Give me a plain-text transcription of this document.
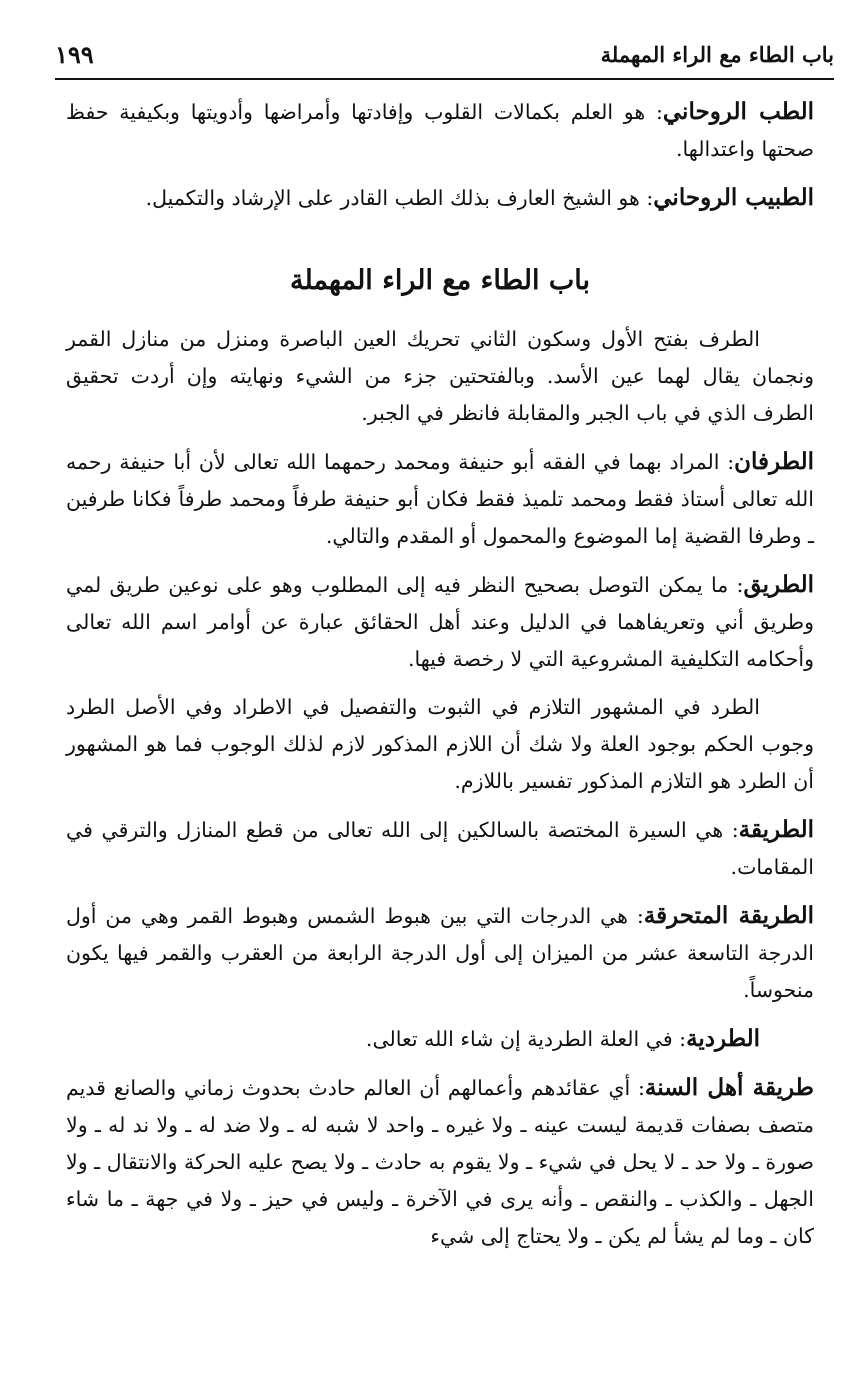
باب الطاء مع الراء المهملة
١٩٩

الطب الروحاني: هو العلم بكمالات القلوب وإفادتها وأمراضها وأدويتها وبكيفية حفظ صحتها واعتدالها.

الطبيب الروحاني: هو الشيخ العارف بذلك الطب القادر على الإرشاد والتكميل.

باب الطاء مع الراء المهملة

الطرف بفتح الأول وسكون الثاني تحريك العين الباصرة ومنزل من منازل القمر ونجمان يقال لهما عين الأسد. وبالفتحتين جزء من الشيء ونهايته وإن أردت تحقيق الطرف الذي في باب الجبر والمقابلة فانظر في الجبر.

الطرفان: المراد بهما في الفقه أبو حنيفة ومحمد رحمهما الله تعالى لأن أبا حنيفة رحمه الله تعالى أستاذ فقط ومحمد تلميذ فقط فكان أبو حنيفة طرفاً ومحمد طرفاً فكانا طرفين ـ وطرفا القضية إما الموضوع والمحمول أو المقدم والتالي.

الطريق: ما يمكن التوصل بصحيح النظر فيه إلى المطلوب وهو على نوعين طريق لمي وطريق أني وتعريفاهما في الدليل وعند أهل الحقائق عبارة عن أوامر اسم الله تعالى وأحكامه التكليفية المشروعية التي لا رخصة فيها.

الطرد في المشهور التلازم في الثبوت والتفصيل في الاطراد وفي الأصل الطرد وجوب الحكم بوجود العلة ولا شك أن اللازم المذكور لازم لذلك الوجوب فما هو المشهور أن الطرد هو التلازم المذكور تفسير باللازم.

الطريقة: هي السيرة المختصة بالسالكين إلى الله تعالى من قطع المنازل والترقي في المقامات.

الطريقة المتحرقة: هي الدرجات التي بين هبوط الشمس وهبوط القمر وهي من أول الدرجة التاسعة عشر من الميزان إلى أول الدرجة الرابعة من العقرب والقمر فيها يكون منحوساً.

الطردية: في العلة الطردية إن شاء الله تعالى.

طريقة أهل السنة: أي عقائدهم وأعمالهم أن العالم حادث بحدوث زماني والصانع قديم متصف بصفات قديمة ليست عينه ـ ولا غيره ـ واحد لا شبه له ـ ولا ضد له ـ ولا ند له ـ ولا صورة ـ ولا حد ـ لا يحل في شيء ـ ولا يقوم به حادث ـ ولا يصح عليه الحركة والانتقال ـ ولا الجهل ـ والكذب ـ والنقص ـ وأنه يرى في الآخرة ـ وليس في حيز ـ ولا في جهة ـ ما شاء كان ـ وما لم يشأ لم يكن ـ ولا يحتاج إلى شيء
